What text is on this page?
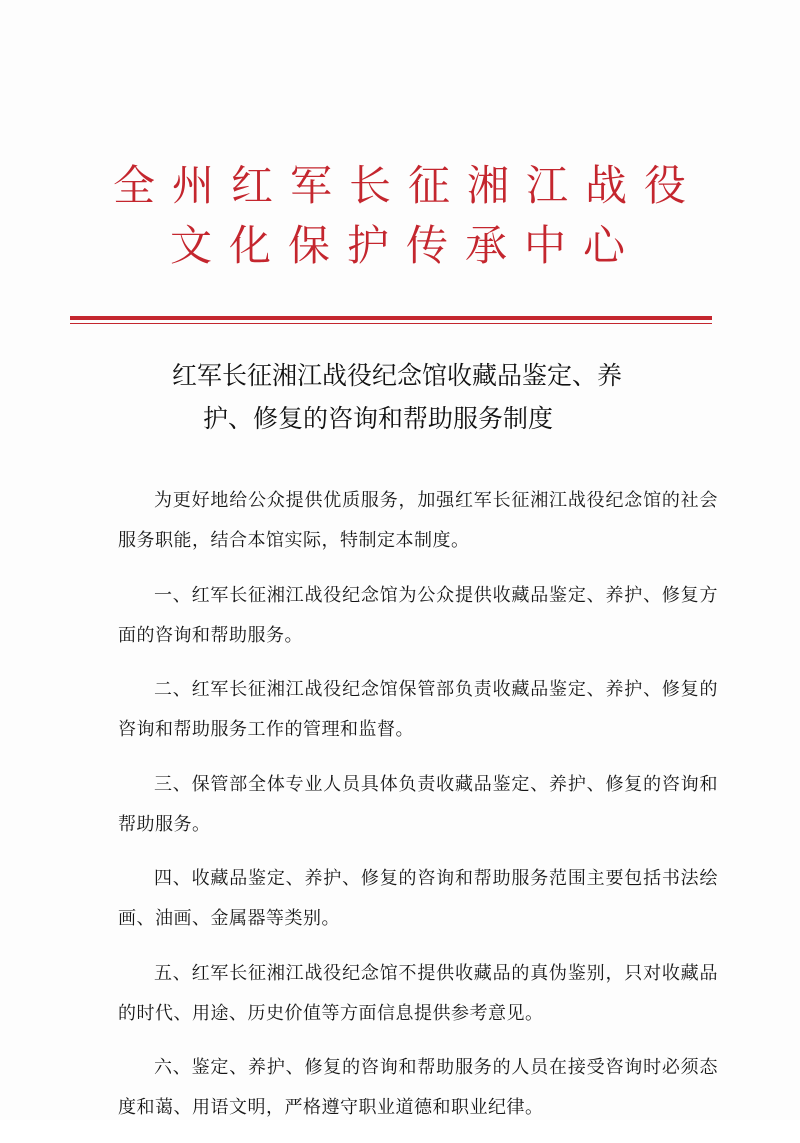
全州红军长征湘江战役
文化保护传承中心
红军长征湘江战役纪念馆收藏品鉴定、养
护、修复的咨询和帮助服务制度

为更好地给公众提供优质服务，加强红军长征湘江战役纪念馆的社会服务职能，结合本馆实际，特制定本制度。

一、红军长征湘江战役纪念馆为公众提供收藏品鉴定、养护、修复方面的咨询和帮助服务。

二、红军长征湘江战役纪念馆保管部负责收藏品鉴定、养护、修复的咨询和帮助服务工作的管理和监督。

三、保管部全体专业人员具体负责收藏品鉴定、养护、修复的咨询和帮助服务。

四、收藏品鉴定、养护、修复的咨询和帮助服务范围主要包括书法绘画、油画、金属器等类别。

五、红军长征湘江战役纪念馆不提供收藏品的真伪鉴别，只对收藏品的时代、用途、历史价值等方面信息提供参考意见。

六、鉴定、养护、修复的咨询和帮助服务的人员在接受咨询时必须态度和蔼、用语文明，严格遵守职业道德和职业纪律。
